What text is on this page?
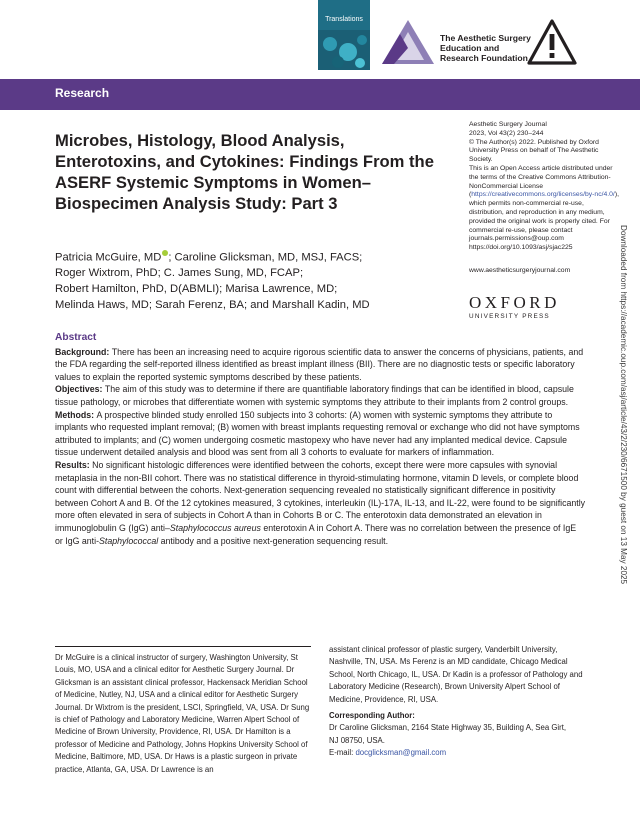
Translations
The Aesthetic Surgery
Education and
Research Foundation
Research
Microbes, Histology, Blood Analysis, Enterotoxins, and Cytokines: Findings From the ASERF Systemic Symptoms in Women–Biospecimen Analysis Study: Part 3
Patricia McGuire, MD ; Caroline Glicksman, MD, MSJ, FACS;
Roger Wixtrom, PhD; C. James Sung, MD, FCAP;
Robert Hamilton, PhD, D(ABMLI); Marisa Lawrence, MD;
Melinda Haws, MD; Sarah Ferenz, BA; and Marshall Kadin, MD

Aesthetic Surgery Journal

2023, Vol 43(2) 230–244

© The Author(s) 2022. Published by Oxford University Press on behalf of The Aesthetic Society.

This is an Open Access article distributed under the terms of the Creative Commons Attribution-NonCommercial License (https://creativecommons.org/licenses/by-nc/4.0/), which permits non-commercial re-use, distribution, and reproduction in any medium, provided the original work is properly cited. For commercial re-use, please contact journals.permissions@oup.com

https://doi.org/10.1093/asj/sjac225

www.aestheticsurgeryjournal.com

OXFORD
UNIVERSITY PRESS	Downloaded from https://academic.oup.com/asj/article/43/2/230/6671500 by guest on 13 May 2025
Abstract

Background: There has been an increasing need to acquire rigorous scientific data to answer the concerns of physicians, patients, and the FDA regarding the self-reported illness identified as breast implant illness (BII). There are no diagnostic tests or specific laboratory values to explain the reported systemic symptoms described by these patients.

Objectives: The aim of this study was to determine if there are quantifiable laboratory findings that can be identified in blood, capsule tissue pathology, or microbes that differentiate women with systemic symptoms they attribute to their implants from 2 control groups.

Methods: A prospective blinded study enrolled 150 subjects into 3 cohorts: (A) women with systemic symptoms they attribute to implants who requested implant removal; (B) women with breast implants requesting removal or exchange who did not have symptoms attributed to implants; and (C) women undergoing cosmetic mastopexy who have never had any implanted medical device. Capsule tissue underwent detailed analysis and blood was sent from all 3 cohorts to evaluate for markers of inflammation.

Results: No significant histologic differences were identified between the cohorts, except there were more capsules with synovial metaplasia in the non-BII cohort. There was no statistical difference in thyroid-stimulating hormone, vitamin D levels, or complete blood count with differential between the cohorts. Next-generation sequencing revealed no statistically significant difference in positivity between Cohort A and B. Of the 12 cytokines measured, 3 cytokines, interleukin (IL)-17A, IL-13, and IL-22, were found to be significantly more often elevated in sera of subjects in Cohort A than in Cohorts B or C. The enterotoxin data demonstrated an elevation in immunoglobulin G (IgG) anti–Staphylococcus aureus enterotoxin A in Cohort A. There was no correlation between the presence of IgE or IgG anti-Staphylococcal antibody and a positive next-generation sequencing result.

Dr McGuire is a clinical instructor of surgery, Washington University, St Louis, MO, USA and a clinical editor for Aesthetic Surgery Journal. Dr Glicksman is an assistant clinical professor, Hackensack Meridian School of Medicine, Nutley, NJ, USA and a clinical editor for Aesthetic Surgery Journal. Dr Wixtrom is the president, LSCI, Springfield, VA, USA. Dr Sung is chief of Pathology and Laboratory Medicine, Warren Alpert School of Medicine of Brown University, Providence, RI, USA. Dr Hamilton is a professor of Medicine and Pathology, Johns Hopkins University School of Medicine, Baltimore, MD, USA. Dr Haws is a plastic surgeon in private practice, Atlanta, GA, USA. Dr Lawrence is an
assistant clinical professor of plastic surgery, Vanderbilt University, Nashville, TN, USA. Ms Ferenz is an MD candidate, Chicago Medical School, North Chicago, IL, USA. Dr Kadin is a professor of Pathology and Laboratory Medicine (Research), Brown University Alpert School of Medicine, Providence, RI, USA.
Corresponding Author:
Dr Caroline Glicksman, 2164 State Highway 35, Building A, Sea Girt,
NJ 08750, USA.
E-mail: docglicksman@gmail.com
